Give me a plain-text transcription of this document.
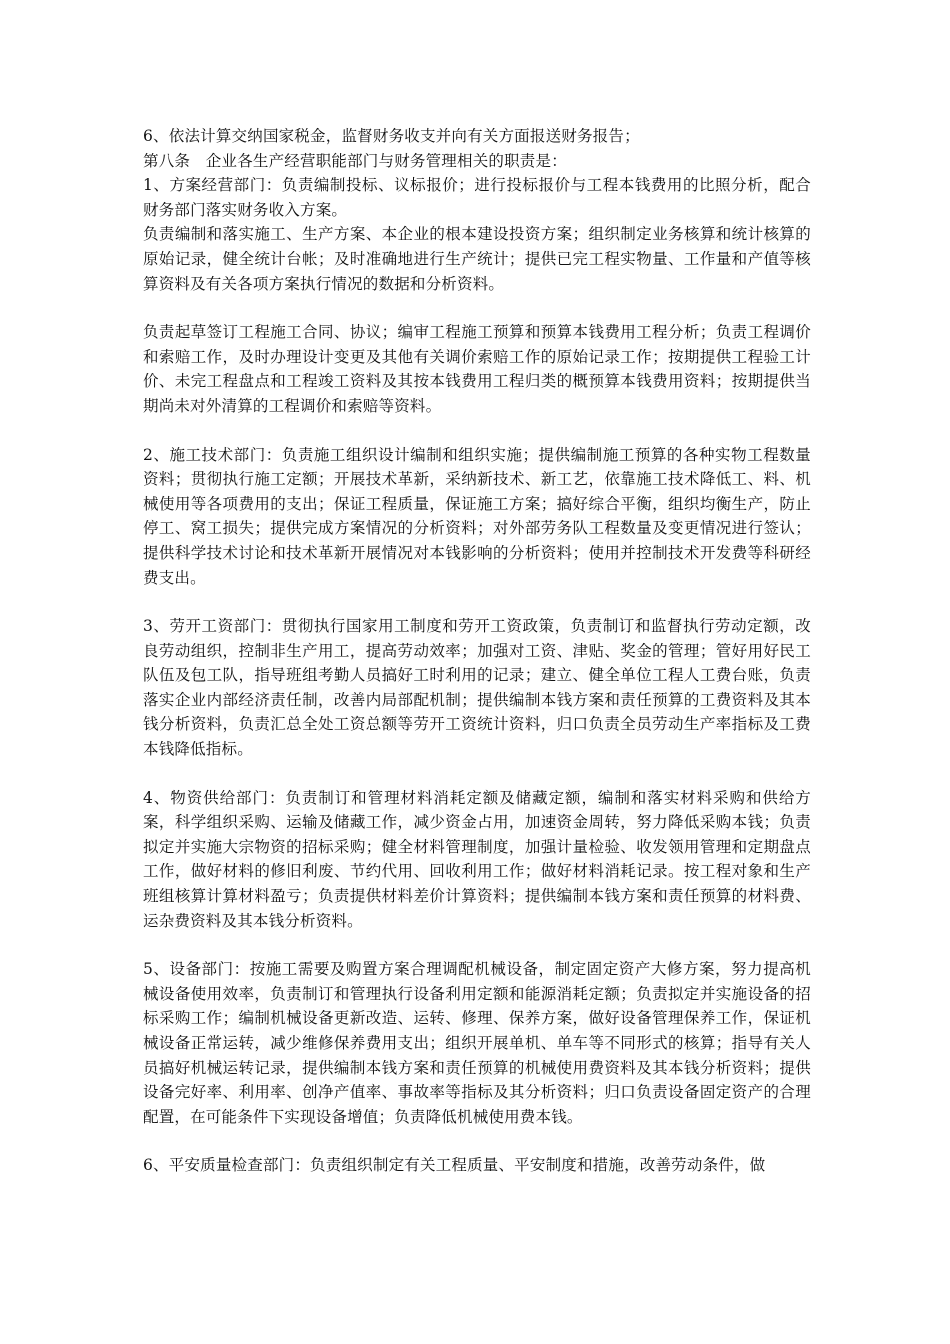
6、依法计算交纳国家税金，监督财务收支并向有关方面报送财务报告；

第八条　企业各生产经营职能部门与财务管理相关的职责是：

1、方案经营部门：负责编制投标、议标报价；进行投标报价与工程本钱费用的比照分析，配合财务部门落实财务收入方案。

负责编制和落实施工、生产方案、本企业的根本建设投资方案；组织制定业务核算和统计核算的原始记录，健全统计台帐；及时准确地进行生产统计；提供已完工程实物量、工作量和产值等核算资料及有关各项方案执行情况的数据和分析资料。

负责起草签订工程施工合同、协议；编审工程施工预算和预算本钱费用工程分析；负责工程调价和索赔工作，及时办理设计变更及其他有关调价索赔工作的原始记录工作；按期提供工程验工计价、未完工程盘点和工程竣工资料及其按本钱费用工程归类的概预算本钱费用资料；按期提供当期尚未对外清算的工程调价和索赔等资料。

2、施工技术部门：负责施工组织设计编制和组织实施；提供编制施工预算的各种实物工程数量资料；贯彻执行施工定额；开展技术革新，采纳新技术、新工艺，依靠施工技术降低工、料、机械使用等各项费用的支出；保证工程质量，保证施工方案；搞好综合平衡，组织均衡生产，防止停工、窝工损失；提供完成方案情况的分析资料；对外部劳务队工程数量及变更情况进行签认；提供科学技术讨论和技术革新开展情况对本钱影响的分析资料；使用并控制技术开发费等科研经费支出。

3、劳开工资部门：贯彻执行国家用工制度和劳开工资政策，负责制订和监督执行劳动定额，改良劳动组织，控制非生产用工，提高劳动效率；加强对工资、津贴、奖金的管理；管好用好民工队伍及包工队，指导班组考勤人员搞好工时利用的记录；建立、健全单位工程人工费台账，负责落实企业内部经济责任制，改善内局部配机制；提供编制本钱方案和责任预算的工费资料及其本钱分析资料，负责汇总全处工资总额等劳开工资统计资料，归口负责全员劳动生产率指标及工费本钱降低指标。

4、物资供给部门：负责制订和管理材料消耗定额及储藏定额，编制和落实材料采购和供给方案，科学组织采购、运输及储藏工作，减少资金占用，加速资金周转，努力降低采购本钱；负责拟定并实施大宗物资的招标采购；健全材料管理制度，加强计量检验、收发领用管理和定期盘点工作，做好材料的修旧利废、节约代用、回收利用工作；做好材料消耗记录。按工程对象和生产班组核算计算材料盈亏；负责提供材料差价计算资料；提供编制本钱方案和责任预算的材料费、运杂费资料及其本钱分析资料。

5、设备部门：按施工需要及购置方案合理调配机械设备，制定固定资产大修方案，努力提高机械设备使用效率，负责制订和管理执行设备利用定额和能源消耗定额；负责拟定并实施设备的招标采购工作；编制机械设备更新改造、运转、修理、保养方案，做好设备管理保养工作，保证机械设备正常运转，减少维修保养费用支出；组织开展单机、单车等不同形式的核算；指导有关人员搞好机械运转记录，提供编制本钱方案和责任预算的机械使用费资料及其本钱分析资料；提供设备完好率、利用率、创净产值率、事故率等指标及其分析资料；归口负责设备固定资产的合理配置，在可能条件下实现设备增值；负责降低机械使用费本钱。

6、平安质量检查部门：负责组织制定有关工程质量、平安制度和措施，改善劳动条件，做
